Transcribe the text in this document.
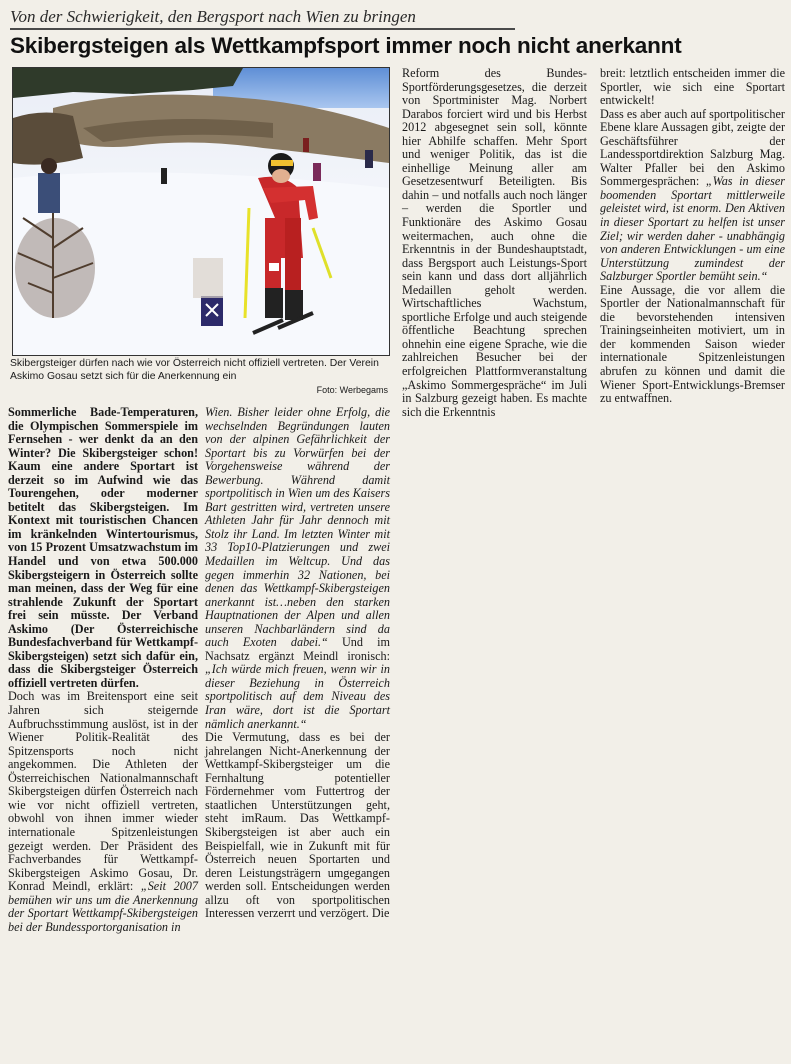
Von der Schwierigkeit, den Bergsport nach Wien zu bringen
Skibergsteigen als Wettkampfsport immer noch nicht anerkannt
Skibergsteiger dürfen nach wie vor Österreich nicht offiziell vertreten. Der Verein Askimo Gosau setzt sich für die Anerkennung ein
Foto: Werbegams

Sommerliche Bade-Temperaturen, die Olympischen Sommerspiele im Fernsehen - wer denkt da an den Winter? Die Skibergsteiger schon! Kaum eine andere Sportart ist derzeit so im Aufwind wie das Tourengehen, oder moderner betitelt das Skibergsteigen. Im Kontext mit touristischen Chancen im kränkelnden Wintertourismus, von 15 Prozent Umsatzwachstum im Handel und von etwa 500.000 Skibergsteigern in Österreich sollte man meinen, dass der Weg für eine strahlende Zukunft der Sportart frei sein müsste. Der Verband Askimo (Der Österreichische Bundesfachverband für Wettkampf-Skibergsteigen) setzt sich dafür ein, dass die Skibergsteiger Österreich offiziell vertreten dürfen.

Doch was im Breitensport eine seit Jahren sich steigernde Aufbruchsstimmung auslöst, ist in der Wiener Politik-Realität des Spitzensports noch nicht angekommen. Die Athleten der Österreichischen Nationalmannschaft Skibergsteigen dürfen Österreich nach wie vor nicht offiziell vertreten, obwohl von ihnen immer wieder internationale Spitzenleistungen gezeigt werden. Der Präsident des Fachverbandes für Wettkampf-Skibergsteigen Askimo Gosau, Dr. Konrad Meindl, erklärt: „Seit 2007 bemühen wir uns um die Anerkennung der Sportart Wettkampf-Skibergsteigen bei der Bundessportorganisation in

Wien. Bisher leider ohne Erfolg, die wechselnden Begründungen lauten von der alpinen Gefährlichkeit der Sportart bis zu Vorwürfen bei der Vorgehensweise während der Bewerbung. Während damit sportpolitisch in Wien um des Kaisers Bart gestritten wird, vertreten unsere Athleten Jahr für Jahr dennoch mit Stolz ihr Land. Im letzten Winter mit 33 Top10-Platzierungen und zwei Medaillen im Weltcup. Und das gegen immerhin 32 Nationen, bei denen das Wettkampf-Skibergsteigen anerkannt ist…neben den starken Hauptnationen der Alpen und allen unseren Nachbarländern sind da auch Exoten dabei.“ Und im Nachsatz ergänzt Meindl ironisch: „Ich würde mich freuen, wenn wir in dieser Beziehung in Österreich sportpolitisch auf dem Niveau des Iran wäre, dort ist die Sportart nämlich anerkannt.“

Die Vermutung, dass es bei der jahrelangen Nicht-Anerkennung der Wettkampf-Skibergsteiger um die Fernhaltung potentieller Fördernehmer vom Futtertrog der staatlichen Unterstützungen geht, steht imRaum. Das Wettkampf-Skibergsteigen ist aber auch ein Beispielfall, wie in Zukunft mit für Österreich neuen Sportarten und deren Leistungsträgern umgegangen werden soll. Entscheidungen werden allzu oft von sportpolitischen Interessen verzerrt und verzögert. Die

Reform des Bundes-Sportförderungsgesetzes, die derzeit von Sportminister Mag. Norbert Darabos forciert wird und bis Herbst 2012 abgesegnet sein soll, könnte hier Abhilfe schaffen. Mehr Sport und weniger Politik, das ist die einhellige Meinung aller am Gesetzesentwurf Beteiligten. Bis dahin – und notfalls auch noch länger – werden die Sportler und Funktionäre des Askimo Gosau weitermachen, auch ohne die Erkenntnis in der Bundeshauptstadt, dass Bergsport auch Leistungs-Sport sein kann und dass dort alljährlich Medaillen geholt werden. Wirtschaftliches Wachstum, sportliche Erfolge und auch steigende öffentliche Beachtung sprechen ohnehin eine eigene Sprache, wie die zahlreichen Besucher bei der erfolgreichen Plattformveranstaltung „Askimo Sommergespräche“ im Juli in Salzburg gezeigt haben. Es machte sich die Erkenntnis

breit: letztlich entscheiden immer die Sportler, wie sich eine Sportart entwickelt!

Dass es aber auch auf sportpolitischer Ebene klare Aussagen gibt, zeigte der Geschäftsführer der Landessportdirektion Salzburg Mag. Walter Pfaller bei den Askimo Sommergesprächen: „Was in dieser boomenden Sportart mittlerweile geleistet wird, ist enorm. Den Aktiven in dieser Sportart zu helfen ist unser Ziel; wir werden daher - unabhängig von anderen Entwicklungen - um eine Unterstützung zumindest der Salzburger Sportler bemüht sein.“

Eine Aussage, die vor allem die Sportler der Nationalmannschaft für die bevorstehenden intensiven Trainingseinheiten motiviert, um in der kommenden Saison wieder internationale Spitzenleistungen abrufen zu können und damit die Wiener Sport-Entwicklungs-Bremser zu entwaffnen.
